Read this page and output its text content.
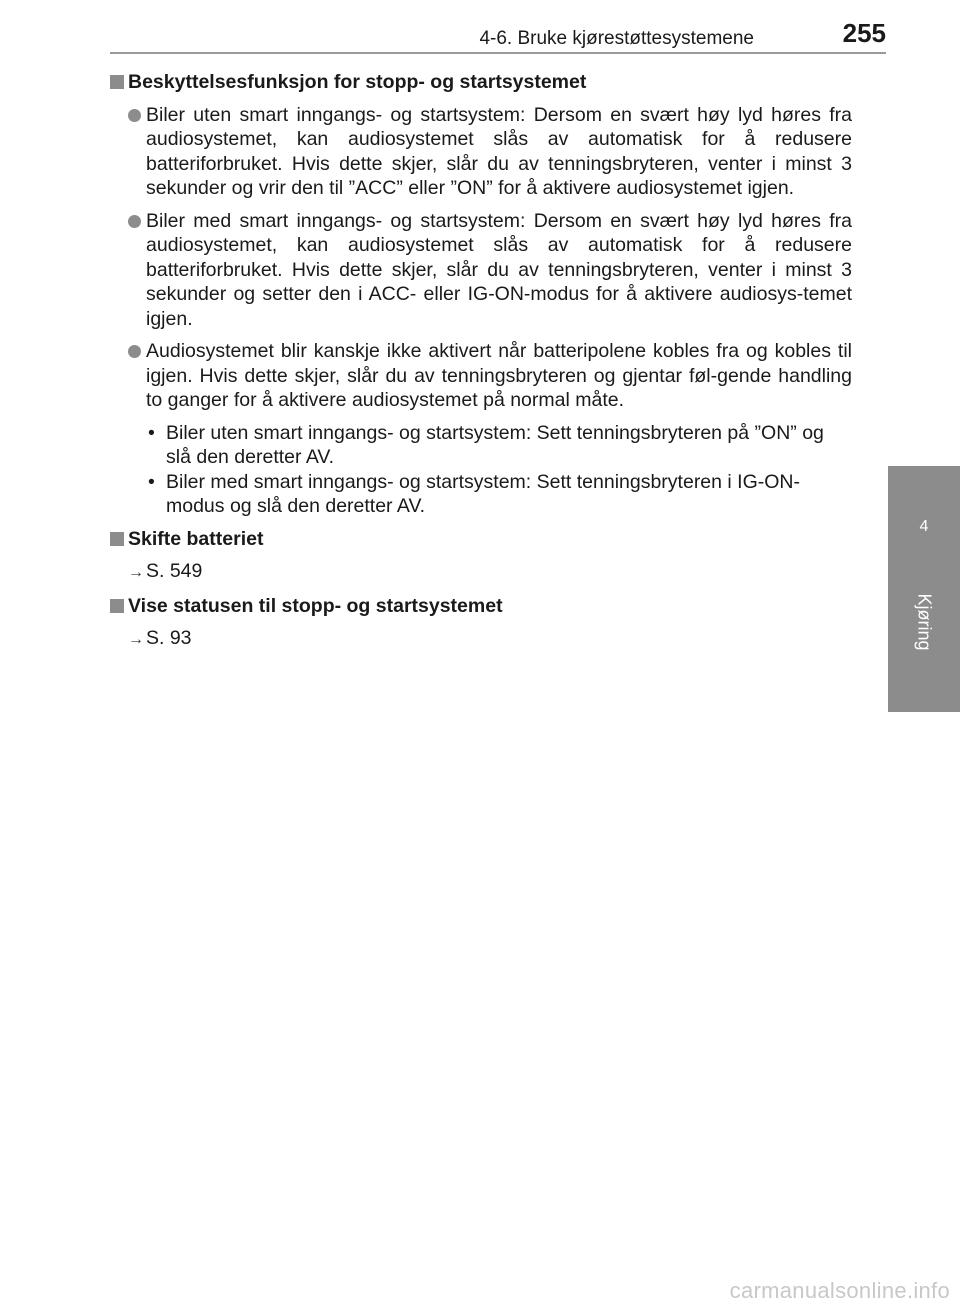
4-6. Bruke kjørestøttesystemene	255
4
Kjøring
Beskyttelsesfunksjon for stopp- og startsystemet
Biler uten smart inngangs- og startsystem: Dersom en svært høy lyd høres fra audiosystemet, kan audiosystemet slås av automatisk for å redusere batteriforbruket. Hvis dette skjer, slår du av tenningsbryteren, venter i minst 3 sekunder og vrir den til ”ACC” eller ”ON” for å aktivere audiosystemet igjen.
Biler med smart inngangs- og startsystem: Dersom en svært høy lyd høres fra audiosystemet, kan audiosystemet slås av automatisk for å redusere batteriforbruket. Hvis dette skjer, slår du av tenningsbryteren, venter i minst 3 sekunder og setter den i ACC- eller IG-ON-modus for å aktivere audiosys-temet igjen.
Audiosystemet blir kanskje ikke aktivert når batteripolene kobles fra og kobles til igjen. Hvis dette skjer, slår du av tenningsbryteren og gjentar føl-gende handling to ganger for å aktivere audiosystemet på normal måte.
• Biler uten smart inngangs- og startsystem: Sett tenningsbryteren på ”ON” og slå den deretter AV.
• Biler med smart inngangs- og startsystem: Sett tenningsbryteren i IG-ON-modus og slå den deretter AV.
Skifte batteriet
→ S. 549
Vise statusen til stopp- og startsystemet
→ S. 93
carmanualsonline.info
